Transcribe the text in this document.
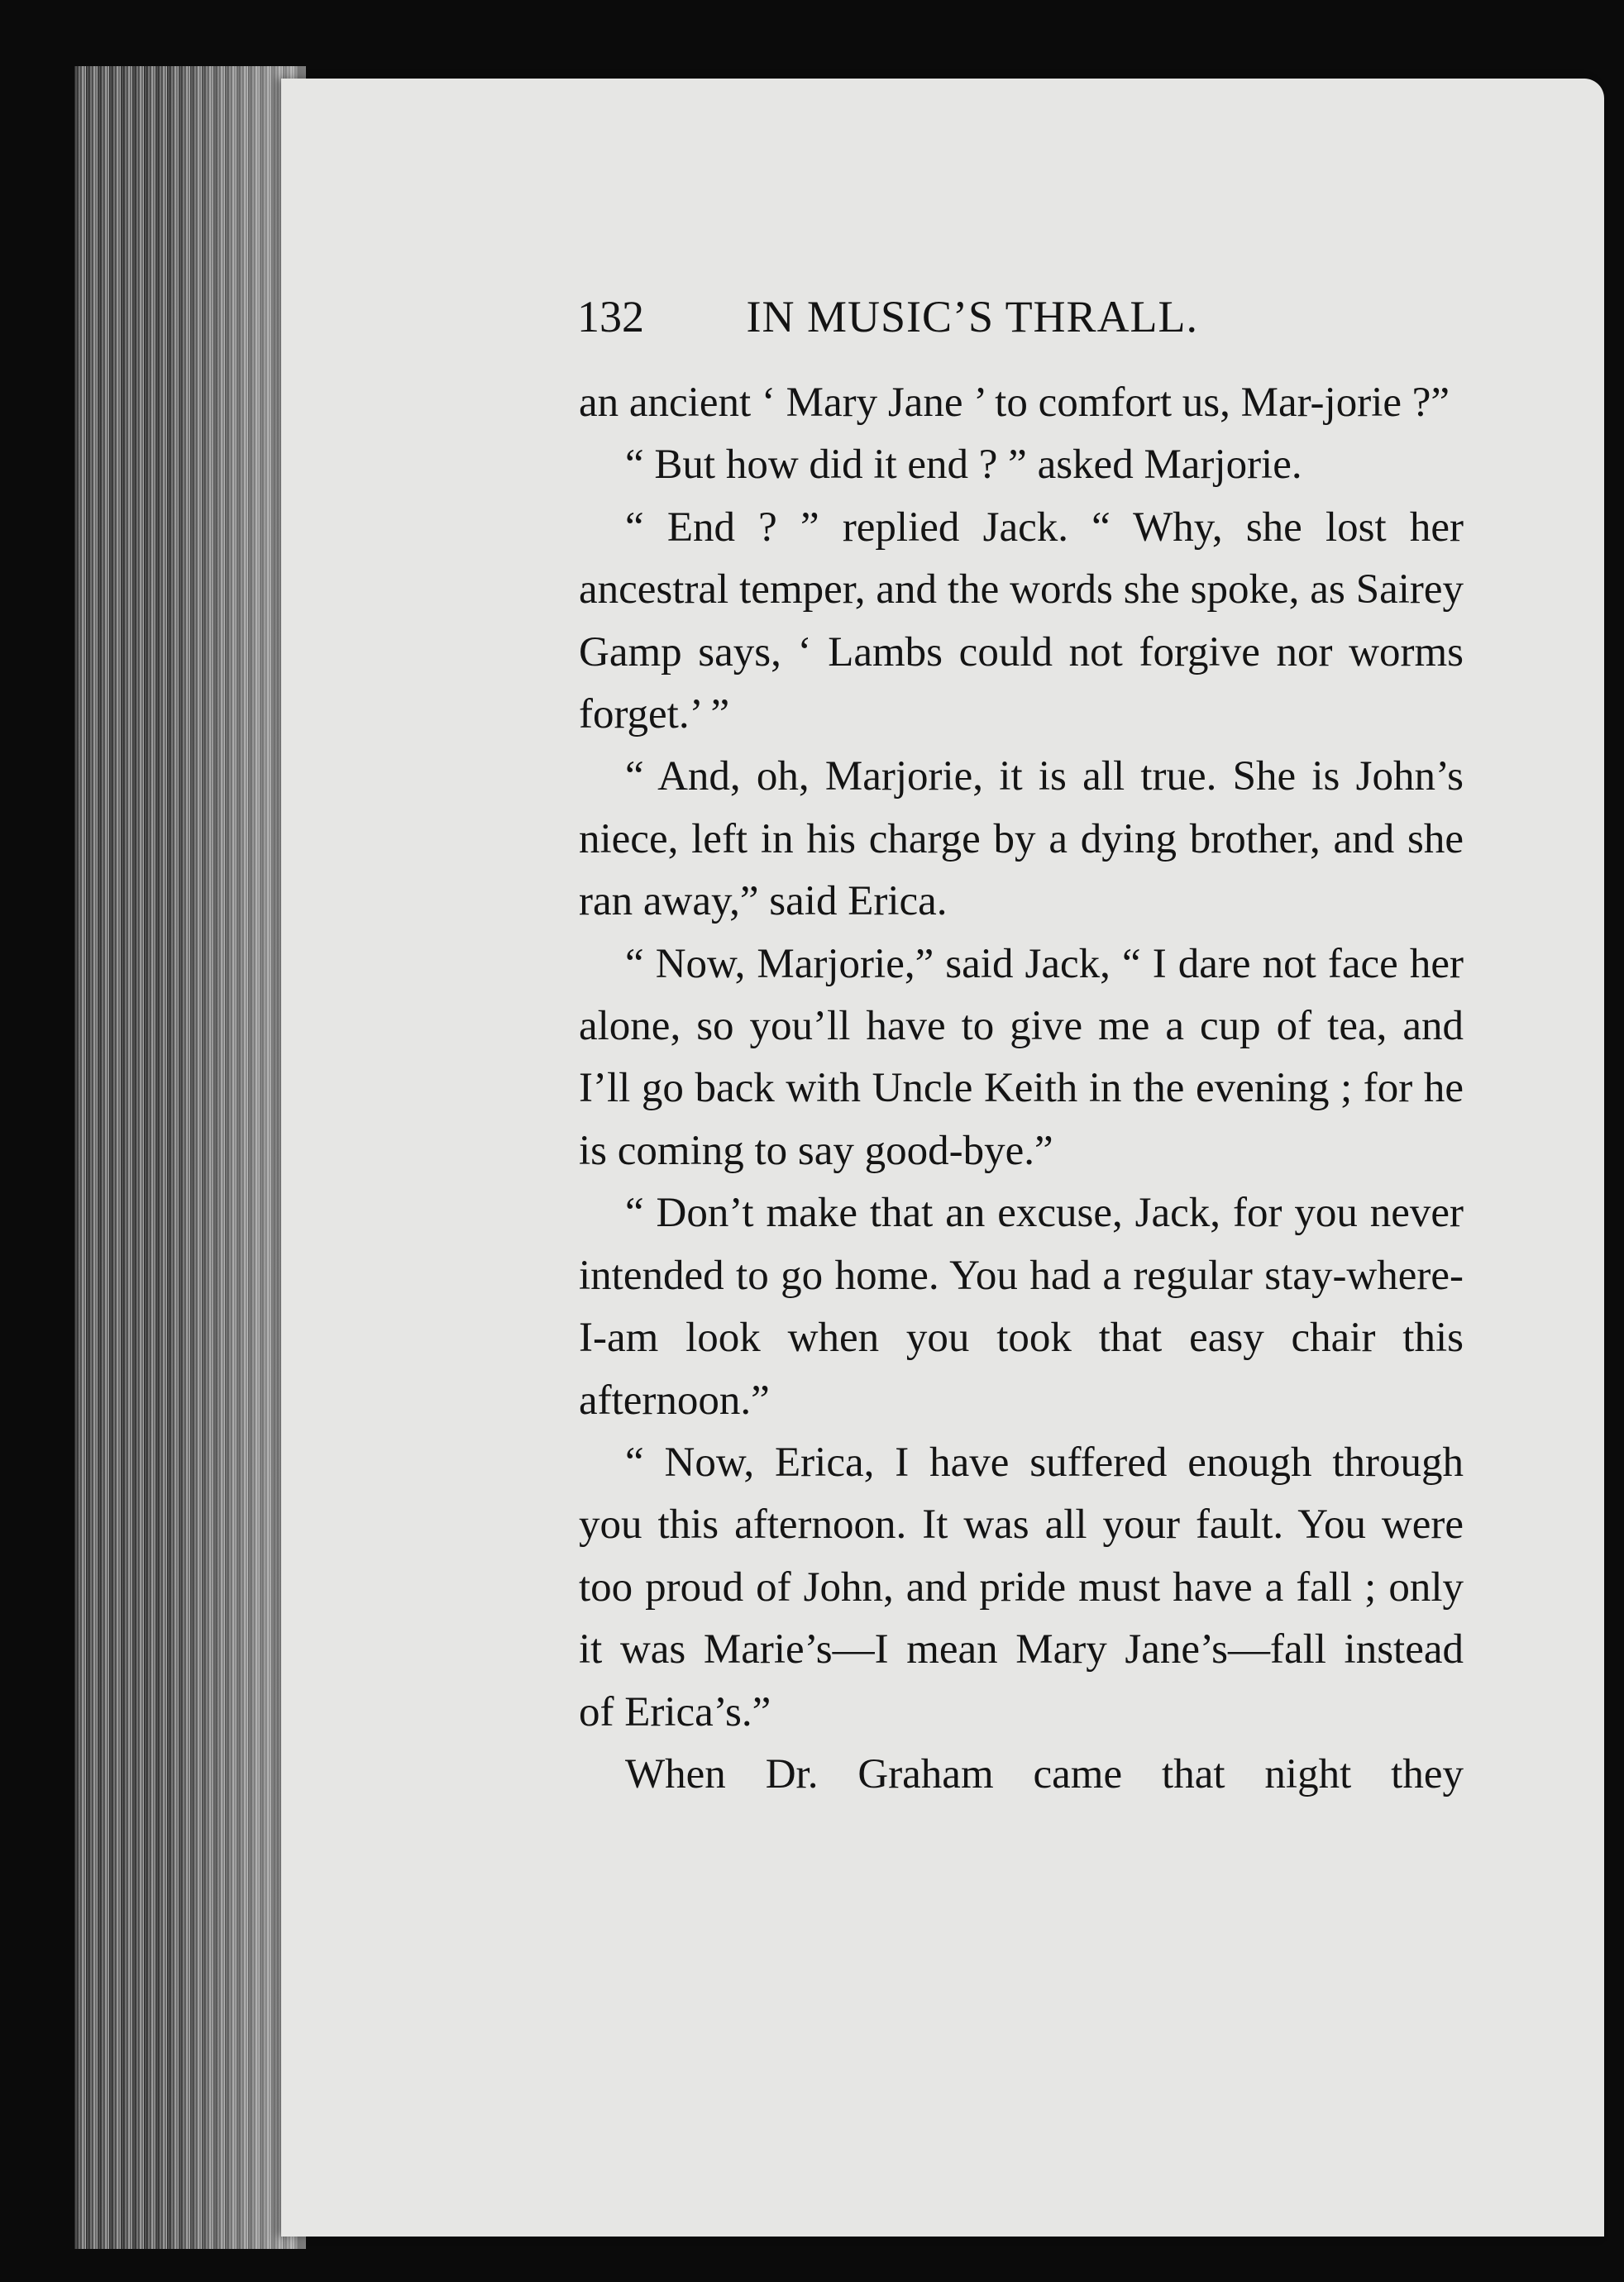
132 IN MUSIC’S THRALL.

an ancient ‘ Mary Jane ’ to comfort us, Mar-jorie ?”

“ But how did it end ? ” asked Marjorie.

“ End ? ” replied Jack. “ Why, she lost her ancestral temper, and the words she spoke, as Sairey Gamp says, ‘ Lambs could not forgive nor worms forget.’ ”

“ And, oh, Marjorie, it is all true. She is John’s niece, left in his charge by a dying brother, and she ran away,” said Erica.

“ Now, Marjorie,” said Jack, “ I dare not face her alone, so you’ll have to give me a cup of tea, and I’ll go back with Uncle Keith in the evening ; for he is coming to say good-bye.”

“ Don’t make that an excuse, Jack, for you never intended to go home. You had a regular stay-where-I-am look when you took that easy chair this afternoon.”

“ Now, Erica, I have suffered enough through you this afternoon. It was all your fault. You were too proud of John, and pride must have a fall ; only it was Marie’s—I mean Mary Jane’s—fall instead of Erica’s.”

When Dr. Graham came that night they
